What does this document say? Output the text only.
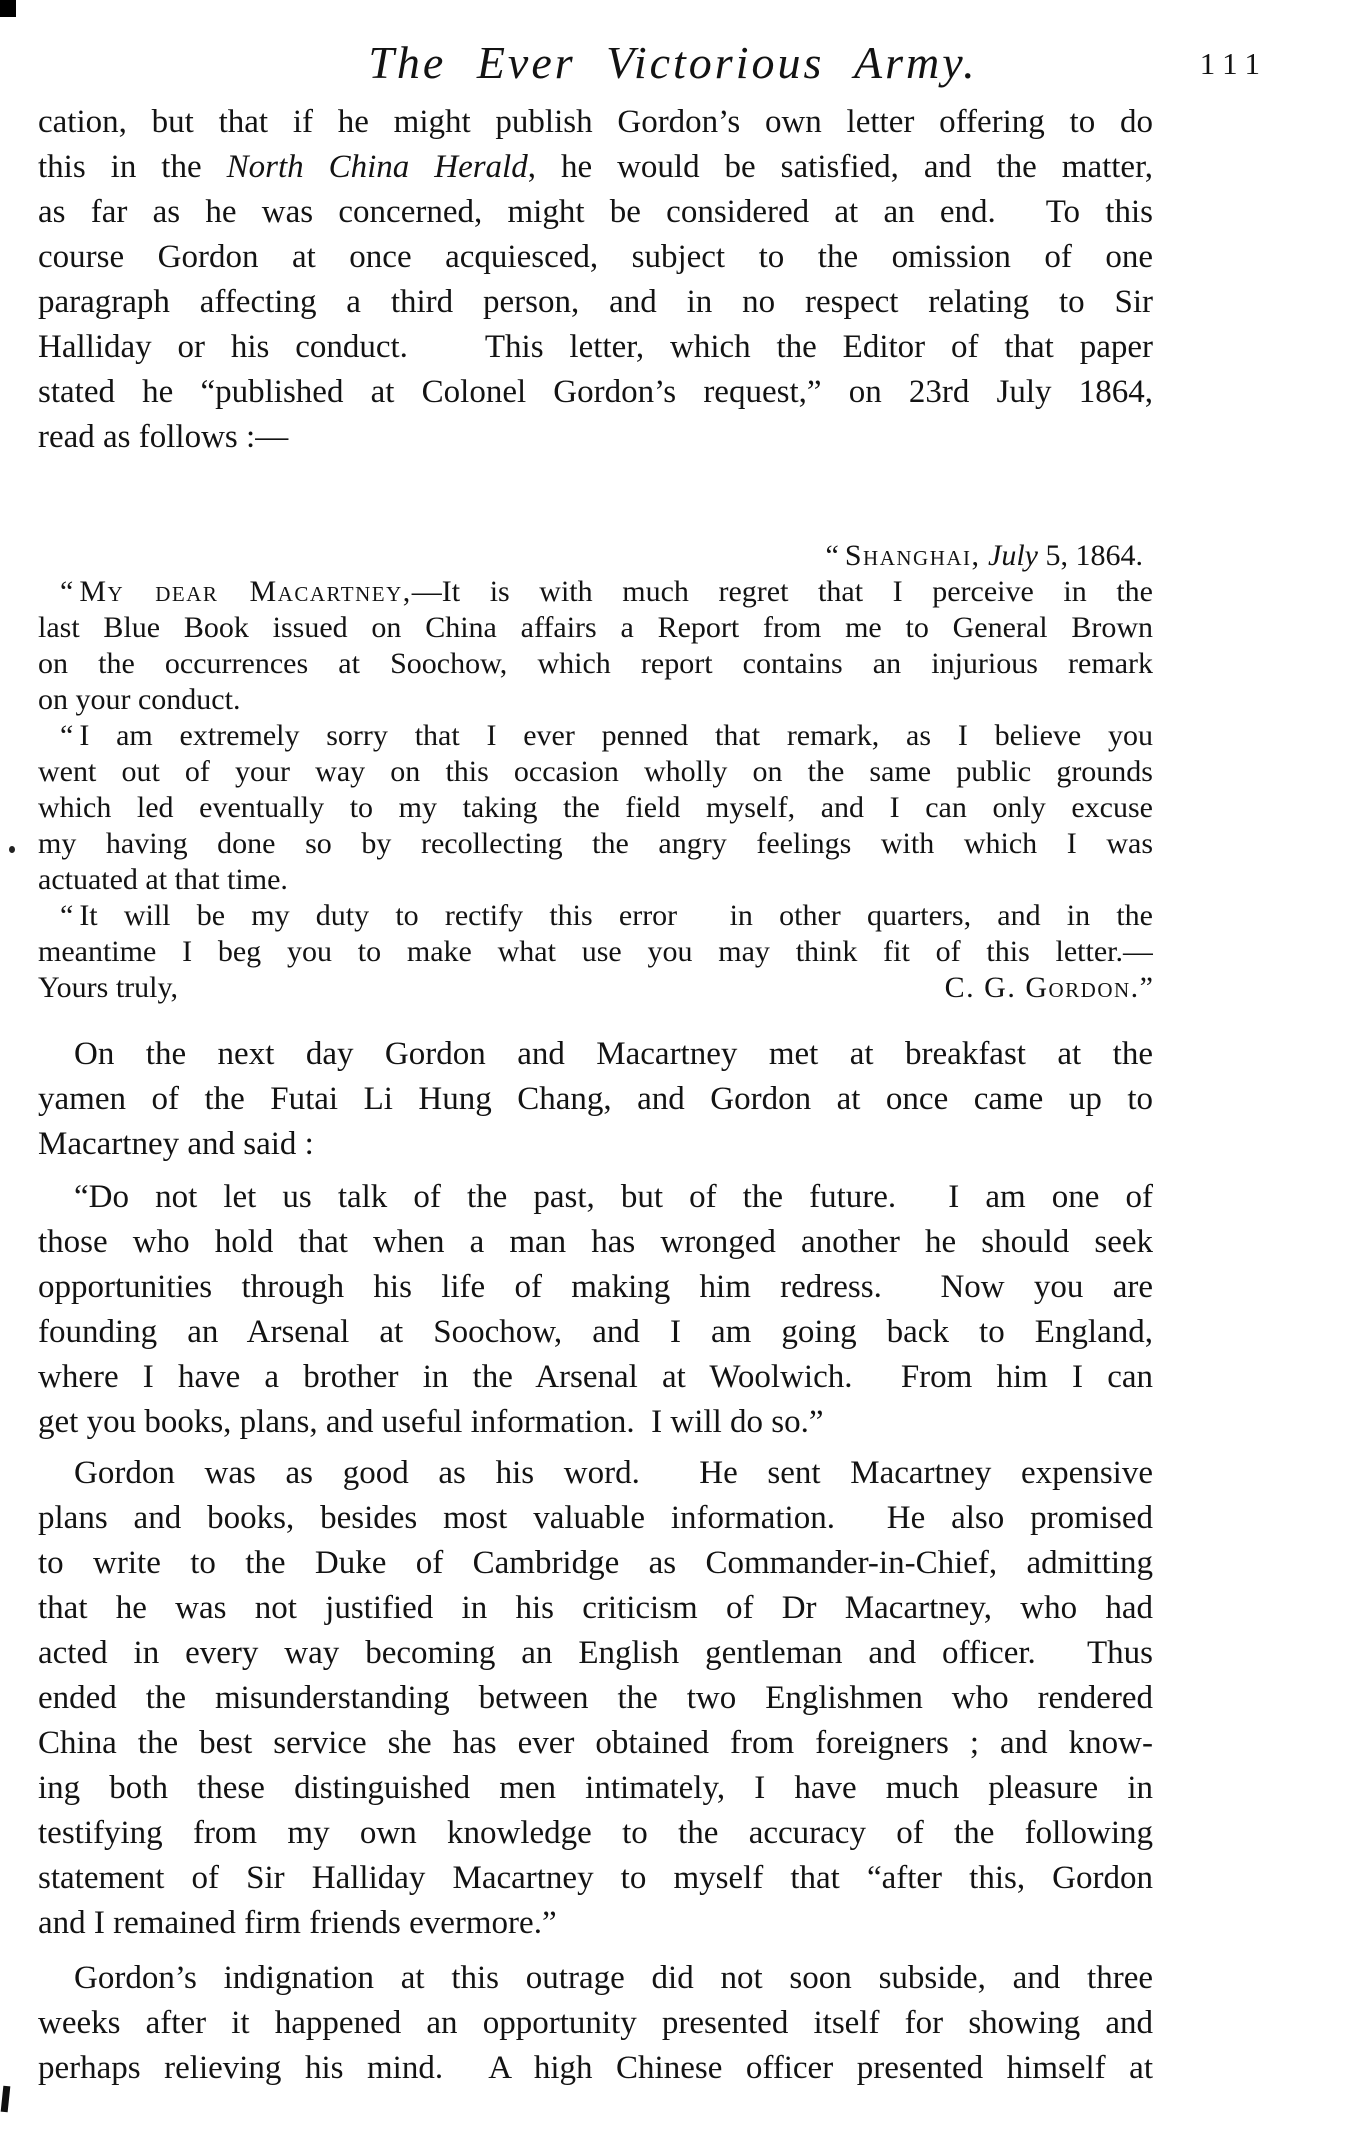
The Ever Victorious Army.	111
cation, but that if he might publish Gordon’s own letter offering to do
this in the North China Herald, he would be satisfied, and the matter,
as far as he was concerned, might be considered at an end.  To this
course Gordon at once acquiesced, subject to the omission of one
paragraph affecting a third person, and in no respect relating to Sir
Halliday or his conduct.   This letter, which the Editor of that paper
stated he “published at Colonel Gordon’s request,” on 23rd July 1864,
read as follows :—
“ Shanghai, July 5, 1864.
“ My dear Macartney,—It is with much regret that I perceive in the
last Blue Book issued on China affairs a Report from me to General Brown
on the occurrences at Soochow, which report contains an injurious remark
on your conduct.
“ I am extremely sorry that I ever penned that remark, as I believe you
went out of your way on this occasion wholly on the same public grounds
which led eventually to my taking the field myself, and I can only excuse
my having done so by recollecting the angry feelings with which I was
actuated at that time.
“ It will be my duty to rectify this error  in other quarters, and in the
meantime I beg you to make what use you may think fit of this letter.—
Yours truly,	C. G. Gordon.”
On the next day Gordon and Macartney met at breakfast at the
yamen of the Futai Li Hung Chang, and Gordon at once came up to
Macartney and said :
“Do not let us talk of the past, but of the future.  I am one of
those who hold that when a man has wronged another he should seek
opportunities through his life of making him redress.  Now you are
founding an Arsenal at Soochow, and I am going back to England,
where I have a brother in the Arsenal at Woolwich.  From him I can
get you books, plans, and useful information.  I will do so.”
Gordon was as good as his word.  He sent Macartney expensive
plans and books, besides most valuable information.  He also promised
to write to the Duke of Cambridge as Commander-in-Chief, admitting
that he was not justified in his criticism of Dr Macartney, who had
acted in every way becoming an English gentleman and officer.  Thus
ended the misunderstanding between the two Englishmen who rendered
China the best service she has ever obtained from foreigners ; and know-
ing both these distinguished men intimately, I have much pleasure in
testifying from my own knowledge to the accuracy of the following
statement of Sir Halliday Macartney to myself that “after this, Gordon
and I remained firm friends evermore.”
Gordon’s indignation at this outrage did not soon subside, and three
weeks after it happened an opportunity presented itself for showing and
perhaps relieving his mind.  A high Chinese officer presented himself at
